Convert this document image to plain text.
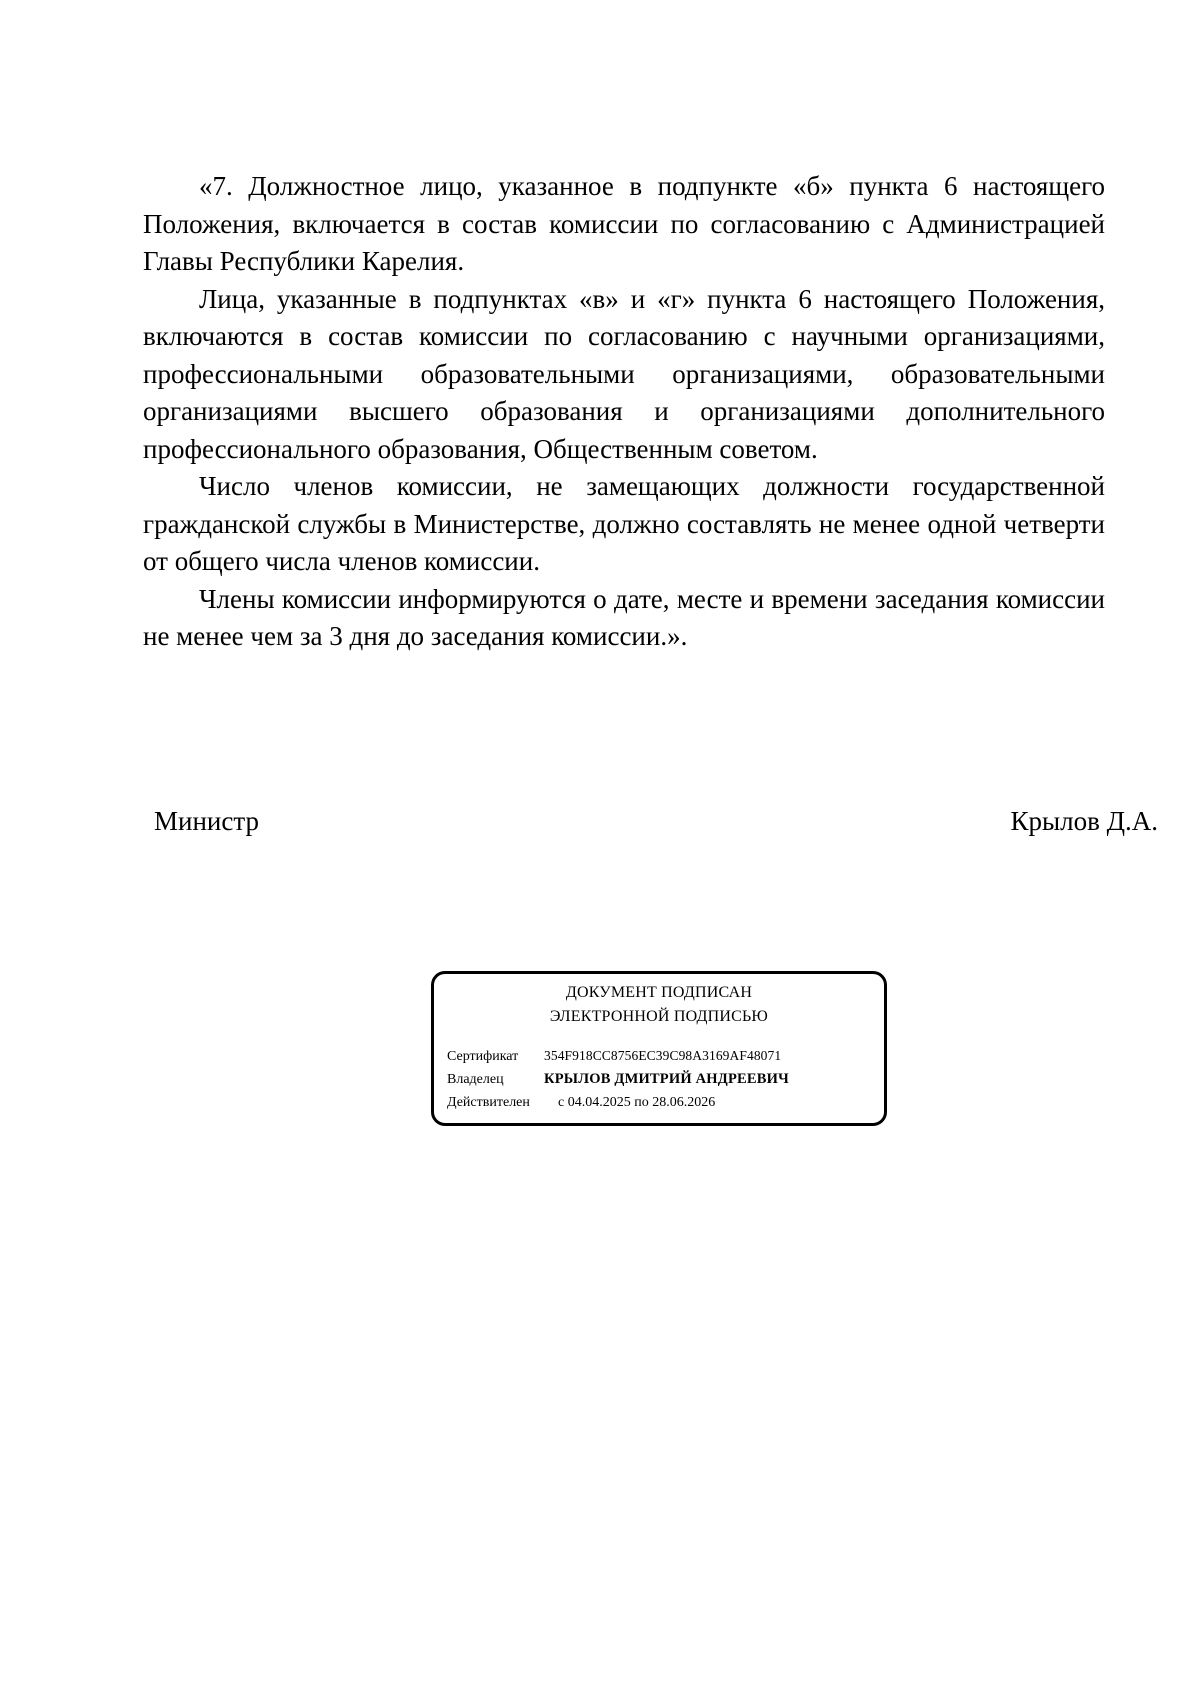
«7. Должностное лицо, указанное в подпункте «б» пункта 6 настоящего Положения, включается в состав комиссии по согласованию с Администрацией Главы Республики Карелия.

Лица, указанные в подпунктах «в» и «г» пункта 6 настоящего Положения, включаются в состав комиссии по согласованию с научными организациями, профессиональными образовательными организациями, образовательными организациями высшего образования и организациями дополнительного профессионального образования, Общественным советом.

Число членов комиссии, не замещающих должности государственной гражданской службы в Министерстве, должно составлять не менее одной четверти от общего числа членов комиссии.

Члены комиссии информируются о дате, месте и времени заседания комиссии не менее чем за 3 дня до заседания комиссии.».

Министр	Крылов Д.А.
ДОКУМЕНТ ПОДПИСАН
ЭЛЕКТРОННОЙ ПОДПИСЬЮ
Сертификат 354F918CC8756EC39C98A3169AF48071
Владелец	КРЫЛОВ ДМИТРИЙ АНДРЕЕВИЧ
Действителен с 04.04.2025 по 28.06.2026
